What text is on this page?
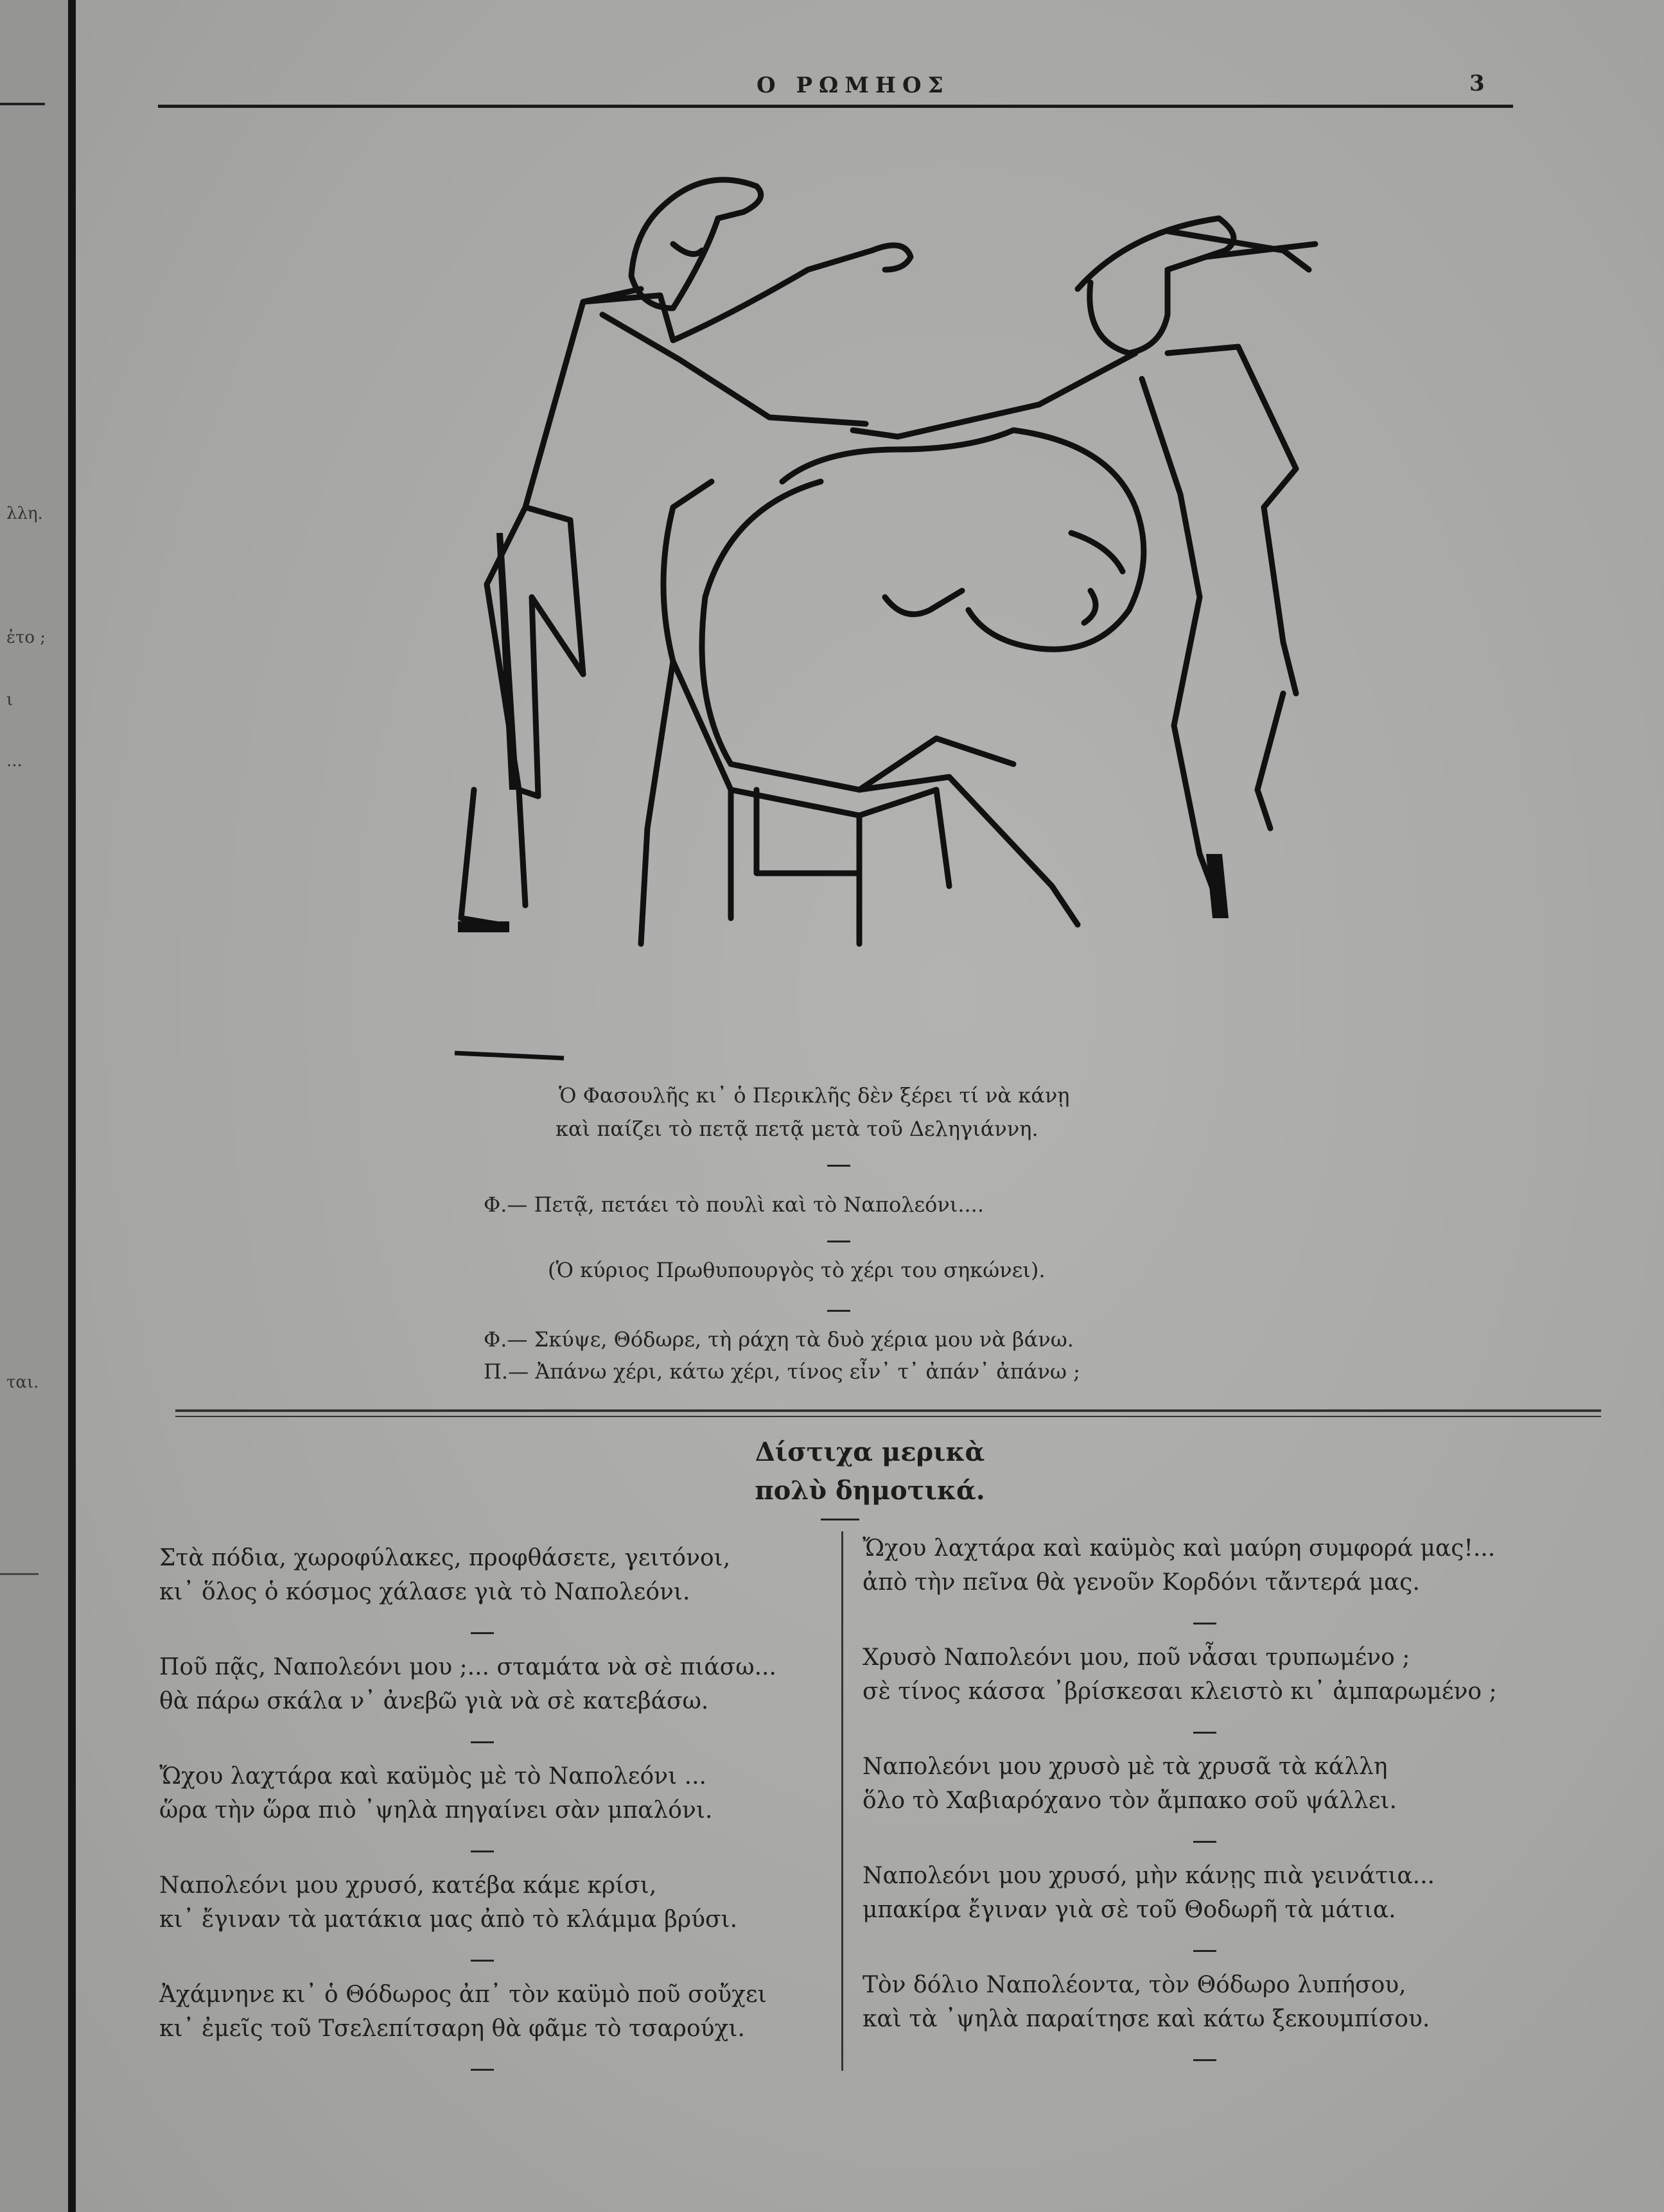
λλη.
ἐτο ;
ι
...
ται.
Ο ΡΩΜΗΟΣ	3

Ὁ Φασουλῆς κι᾽ ὁ Περικλῆς δὲν ξέρει τί νὰ κάνῃ

καὶ παίζει τὸ πετᾷ πετᾷ μετὰ τοῦ Δεληγιάννη.

Φ.— Πετᾷ, πετάει τὸ πουλὶ καὶ τὸ Ναπολεόνι....

(Ὁ κύριος Πρωθυπουργὸς τὸ χέρι του σηκώνει).

Φ.— Σκύψε, Θόδωρε, τὴ ράχη τὰ δυὸ χέρια μου νὰ βάνω.

Π.— Ἀπάνω χέρι, κάτω χέρι, τίνος εἶν᾽ τ᾽ ἀπάν᾽ ἀπάνω ;

Δίστιχα μερικὰ
πολὺ δημοτικά.
Στὰ πόδια, χωροφύλακες, προφθάσετε, γειτόνοι,
κι᾽ ὅλος ὁ κόσμος χάλασε γιὰ τὸ Ναπολεόνι.
Ποῦ πᾷς, Ναπολεόνι μου ;... σταμάτα νὰ σὲ πιάσω...
θὰ πάρω σκάλα ν᾽ ἀνεβῶ γιὰ νὰ σὲ κατεβάσω.
Ὤχου λαχτάρα καὶ καϋμὸς μὲ τὸ Ναπολεόνι ...
ὥρα τὴν ὥρα πιὸ ᾽ψηλὰ πηγαίνει σὰν μπαλόνι.
Ναπολεόνι μου χρυσό, κατέβα κάμε κρίσι,
κι᾽ ἔγιναν τὰ ματάκια μας ἀπὸ τὸ κλάμμα βρύσι.
Ἀχάμνηνε κι᾽ ὁ Θόδωρος ἀπ᾽ τὸν καϋμὸ ποῦ σοὔχει
κι᾽ ἐμεῖς τοῦ Τσελεπίτσαρη θὰ φᾶμε τὸ τσαρούχι.
Ὤχου λαχτάρα καὶ καϋμὸς καὶ μαύρη συμφορά μας!...
ἀπὸ τὴν πεῖνα θὰ γενοῦν Κορδόνι τἄντερά μας.
Χρυσὸ Ναπολεόνι μου, ποῦ νἆσαι τρυπωμένο ;
σὲ τίνος κάσσα ᾽βρίσκεσαι κλειστὸ κι᾽ ἀμπαρωμένο ;
Ναπολεόνι μου χρυσὸ μὲ τὰ χρυσᾶ τὰ κάλλη
ὅλο τὸ Χαβιαρόχανο τὸν ἄμπακο σοῦ ψάλλει.
Ναπολεόνι μου χρυσό, μὴν κάνῃς πιὰ γεινάτια...
μπακίρα ἔγιναν γιὰ σὲ τοῦ Θοδωρῆ τὰ μάτια.
Τὸν δόλιο Ναπολέοντα, τὸν Θόδωρο λυπήσου,
καὶ τὰ ᾽ψηλὰ παραίτησε καὶ κάτω ξεκουμπίσου.
